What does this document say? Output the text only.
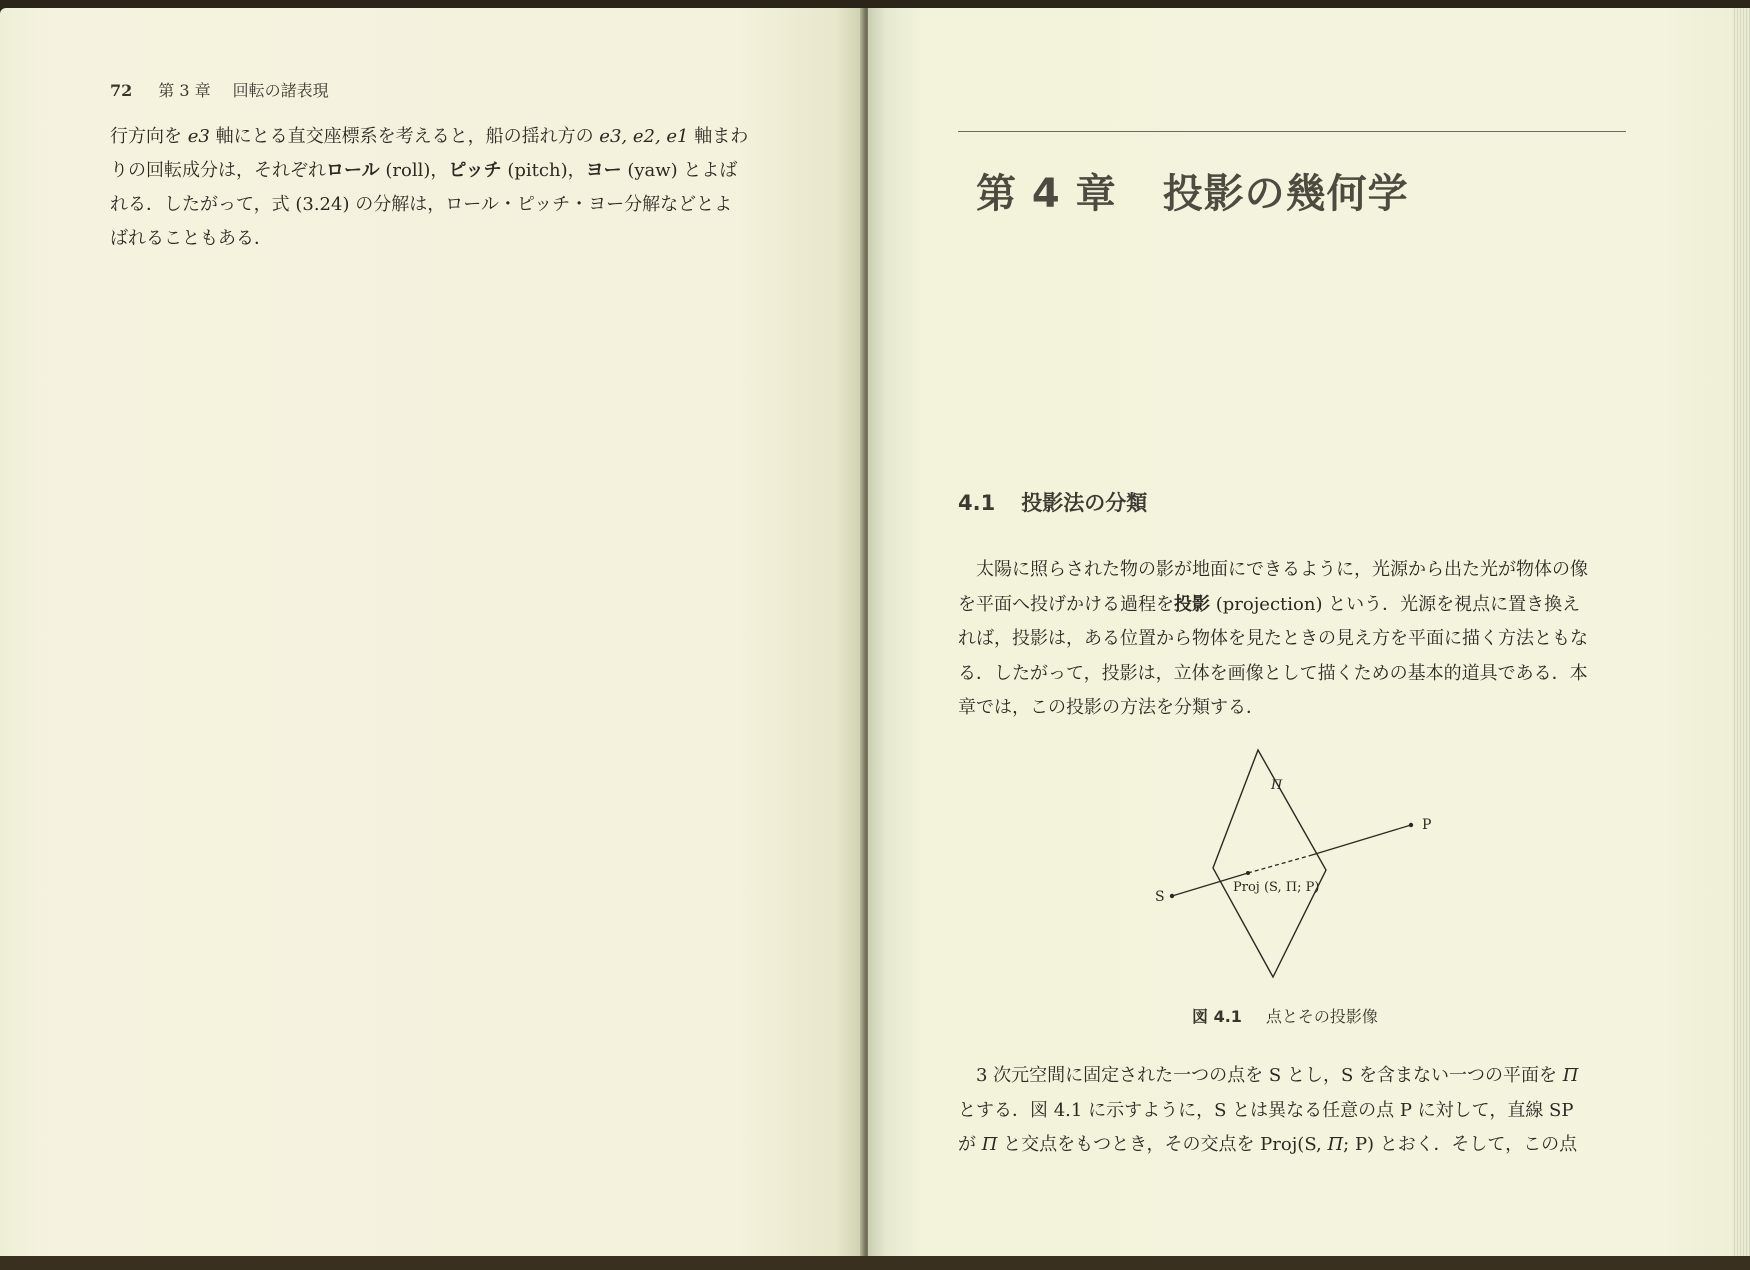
72 第 3 章 回転の諸表現
行方向を e3 軸にとる直交座標系を考えると，船の揺れ方の e3, e2, e1 軸まわ
りの回転成分は，それぞれロール (roll)，ピッチ (pitch)，ヨー (yaw) とよば
れる．したがって，式 (3.24) の分解は，ロール・ピッチ・ヨー分解などとよ
ばれることもある．
第 4 章 投影の幾何学
4.1 投影法の分類
太陽に照らされた物の影が地面にできるように，光源から出た光が物体の像
を平面へ投げかける過程を投影 (projection) という．光源を視点に置き換え
れば，投影は，ある位置から物体を見たときの見え方を平面に描く方法ともな
る．したがって，投影は，立体を画像として描くための基本的道具である．本
章では，この投影の方法を分類する．
Π
P
S
Proj (S, Π; P)
図 4.1 点とその投影像
3 次元空間に固定された一つの点を S とし，S を含まない一つの平面を Π
とする．図 4.1 に示すように，S とは異なる任意の点 P に対して，直線 SP
が Π と交点をもつとき，その交点を Proj(S, Π; P) とおく．そして，この点
